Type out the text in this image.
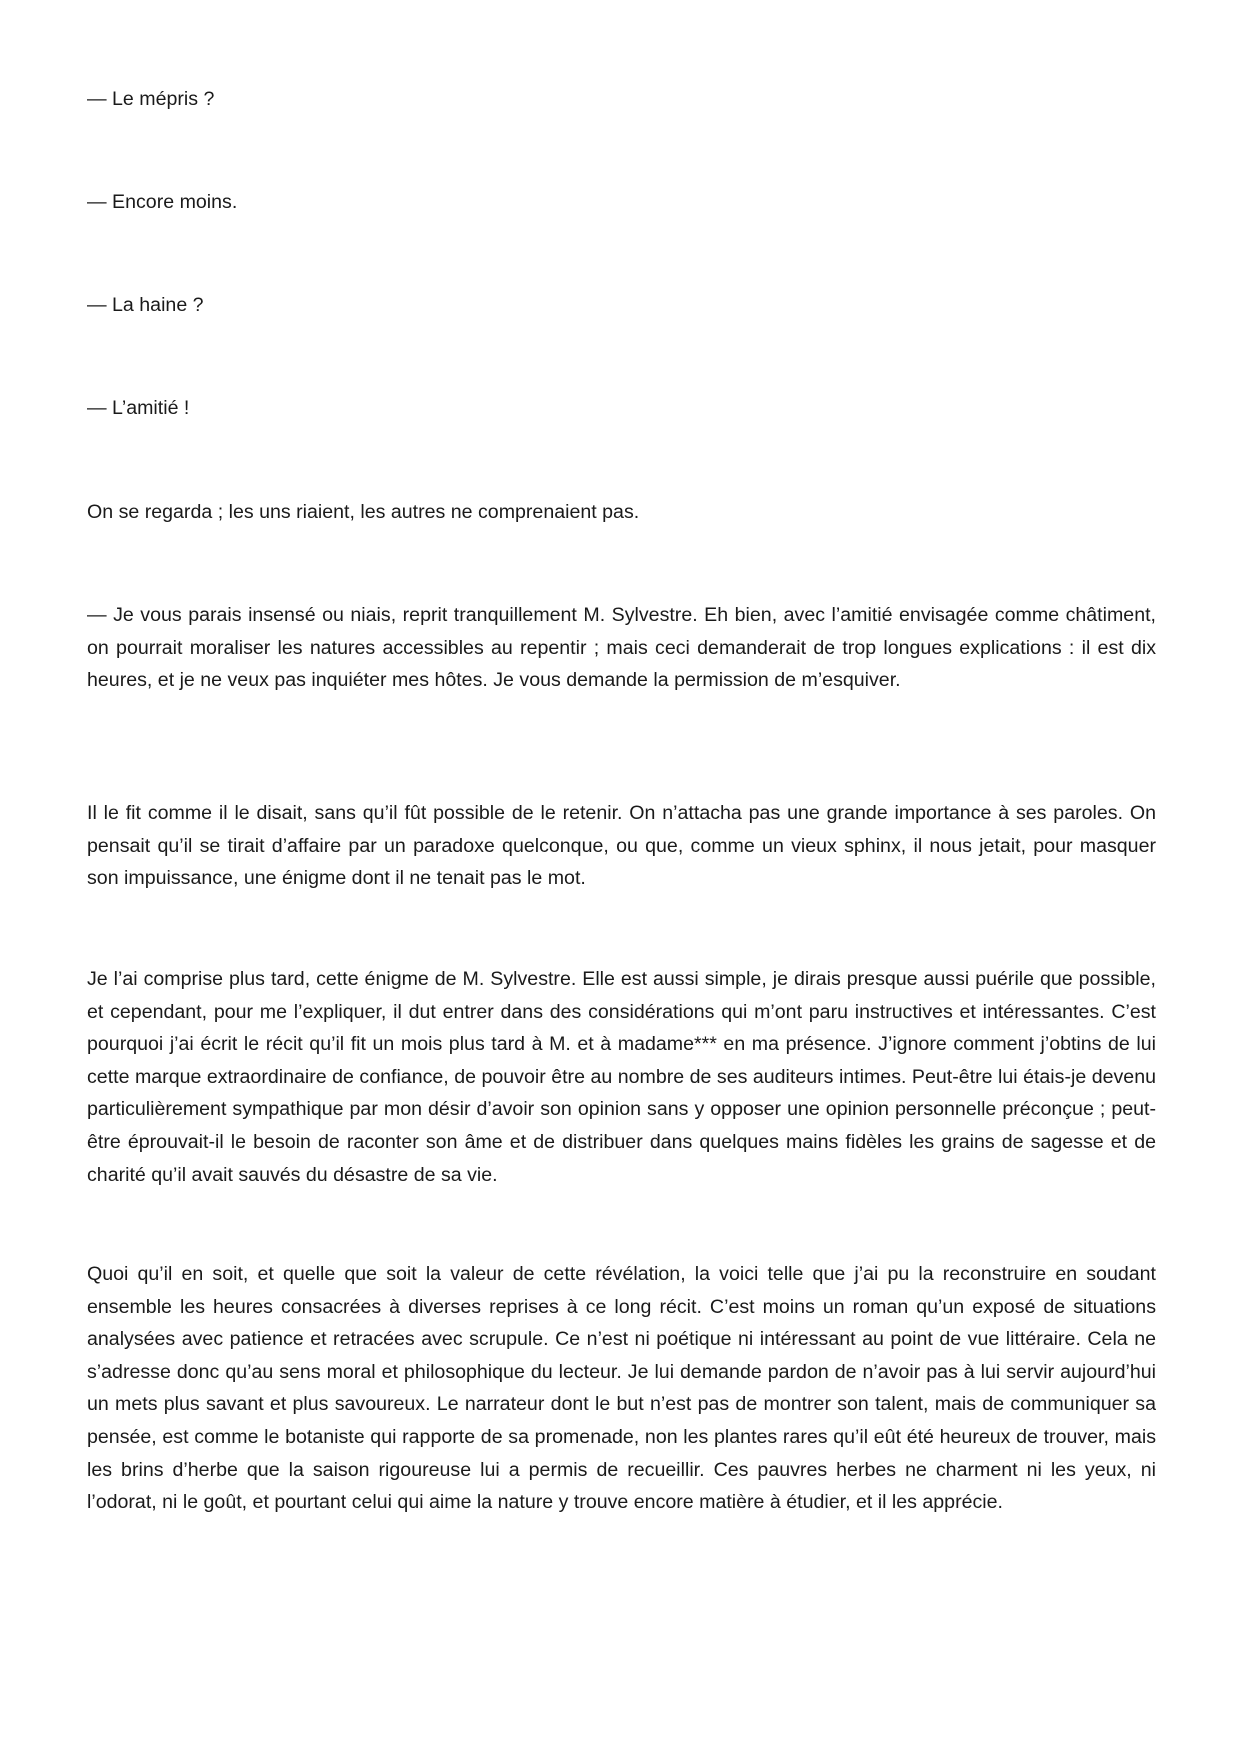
— Le mépris ?

— Encore moins.

— La haine ?

— L’amitié !

On se regarda ; les uns riaient, les autres ne comprenaient pas.

— Je vous parais insensé ou niais, reprit tranquillement M. Sylvestre. Eh bien, avec l’amitié envisagée comme châtiment, on pourrait moraliser les natures accessibles au repentir ; mais ceci demanderait de trop longues explications : il est dix heures, et je ne veux pas inquiéter mes hôtes. Je vous demande la permission de m’esquiver.

Il le fit comme il le disait, sans qu’il fût possible de le retenir. On n’attacha pas une grande importance à ses paroles. On pensait qu’il se tirait d’affaire par un paradoxe quelconque, ou que, comme un vieux sphinx, il nous jetait, pour masquer son impuissance, une énigme dont il ne tenait pas le mot.

Je l’ai comprise plus tard, cette énigme de M. Sylvestre. Elle est aussi simple, je dirais presque aussi puérile que possible, et cependant, pour me l’expliquer, il dut entrer dans des considérations qui m’ont paru instructives et intéressantes. C’est pourquoi j’ai écrit le récit qu’il fit un mois plus tard à M. et à madame*** en ma présence. J’ignore comment j’obtins de lui cette marque extraordinaire de confiance, de pouvoir être au nombre de ses auditeurs intimes. Peut-être lui étais-je devenu particulièrement sympathique par mon désir d’avoir son opinion sans y opposer une opinion personnelle préconçue ; peut-être éprouvait-il le besoin de raconter son âme et de distribuer dans quelques mains fidèles les grains de sagesse et de charité qu’il avait sauvés du désastre de sa vie.

Quoi qu’il en soit, et quelle que soit la valeur de cette révélation, la voici telle que j’ai pu la reconstruire en soudant ensemble les heures consacrées à diverses reprises à ce long récit. C’est moins un roman qu’un exposé de situations analysées avec patience et retracées avec scrupule. Ce n’est ni poétique ni intéressant au point de vue littéraire. Cela ne s’adresse donc qu’au sens moral et philosophique du lecteur. Je lui demande pardon de n’avoir pas à lui servir aujourd’hui un mets plus savant et plus savoureux. Le narrateur dont le but n’est pas de montrer son talent, mais de communiquer sa pensée, est comme le botaniste qui rapporte de sa promenade, non les plantes rares qu’il eût été heureux de trouver, mais les brins d’herbe que la saison rigoureuse lui a permis de recueillir. Ces pauvres herbes ne charment ni les yeux, ni l’odorat, ni le goût, et pourtant celui qui aime la nature y trouve encore matière à étudier, et il les apprécie.
